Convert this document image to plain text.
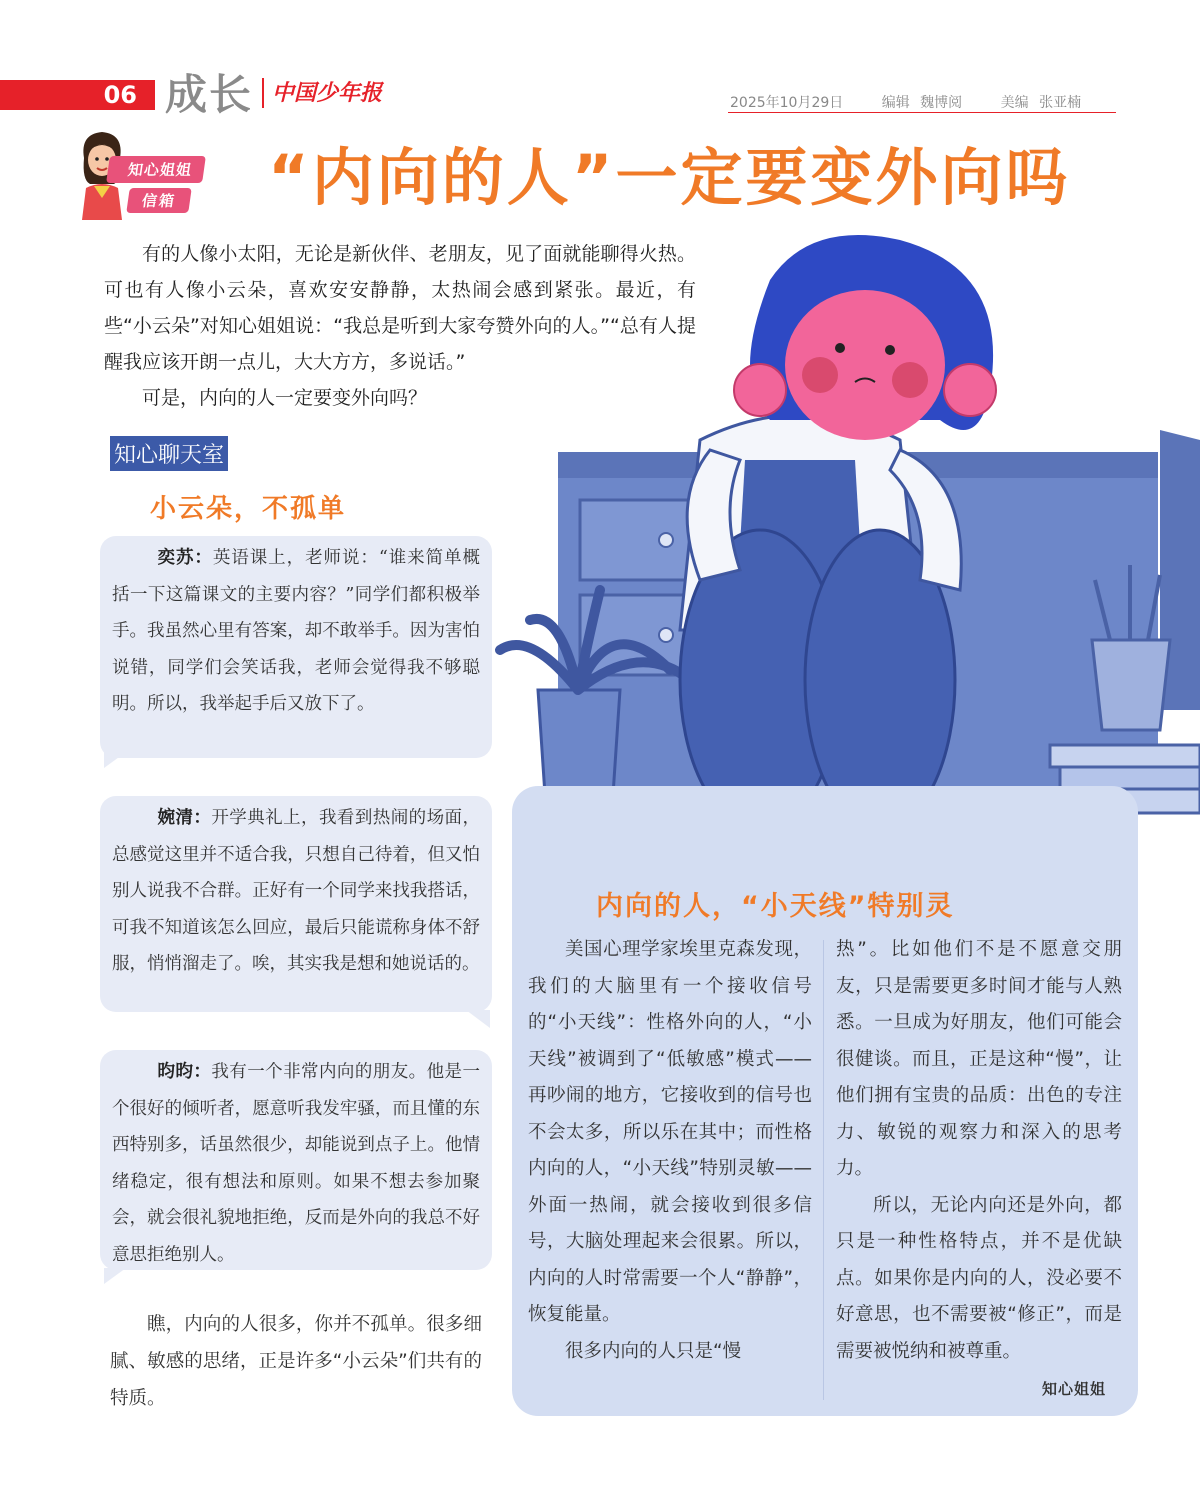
06 成长 中国少年报	2025年10月29日	编辑 魏博阅	美编 张亚楠
知心姐姐
信箱 “内向的人”一定要变外向吗

有的人像小太阳，无论是新伙伴、老朋友，见了面就能聊得火热。可也有人像小云朵，喜欢安安静静，太热闹会感到紧张。最近，有些“小云朵”对知心姐姐说：“我总是听到大家夸赞外向的人。”“总有人提醒我应该开朗一点儿，大大方方，多说话。”

可是，内向的人一定要变外向吗？

知心聊天室
小云朵，不孤单

奕苏：英语课上，老师说：“谁来简单概括一下这篇课文的主要内容？”同学们都积极举手。我虽然心里有答案，却不敢举手。因为害怕说错，同学们会笑话我，老师会觉得我不够聪明。所以，我举起手后又放下了。

婉清：开学典礼上，我看到热闹的场面，总感觉这里并不适合我，只想自己待着，但又怕别人说我不合群。正好有一个同学来找我搭话，可我不知道该怎么回应，最后只能谎称身体不舒服，悄悄溜走了。唉，其实我是想和她说话的。

昀昀：我有一个非常内向的朋友。他是一个很好的倾听者，愿意听我发牢骚，而且懂的东西特别多，话虽然很少，却能说到点子上。他情绪稳定，很有想法和原则。如果不想去参加聚会，就会很礼貌地拒绝，反而是外向的我总不好意思拒绝别人。

瞧，内向的人很多，你并不孤单。很多细腻、敏感的思绪，正是许多“小云朵”们共有的特质。

内向的人，“小天线”特别灵

美国心理学家埃里克森发现，我们的大脑里有一个接收信号的“小天线”：性格外向的人，“小天线”被调到了“低敏感”模式——再吵闹的地方，它接收到的信号也不会太多，所以乐在其中；而性格内向的人，“小天线”特别灵敏——外面一热闹，就会接收到很多信号，大脑处理起来会很累。所以，内向的人时常需要一个人“静静”，恢复能量。

很多内向的人只是“慢

热”。比如他们不是不愿意交朋友，只是需要更多时间才能与人熟悉。一旦成为好朋友，他们可能会很健谈。而且，正是这种“慢”，让他们拥有宝贵的品质：出色的专注力、敏锐的观察力和深入的思考力。

所以，无论内向还是外向，都只是一种性格特点，并不是优缺点。如果你是内向的人，没必要不好意思，也不需要被“修正”，而是需要被悦纳和被尊重。

知心姐姐
